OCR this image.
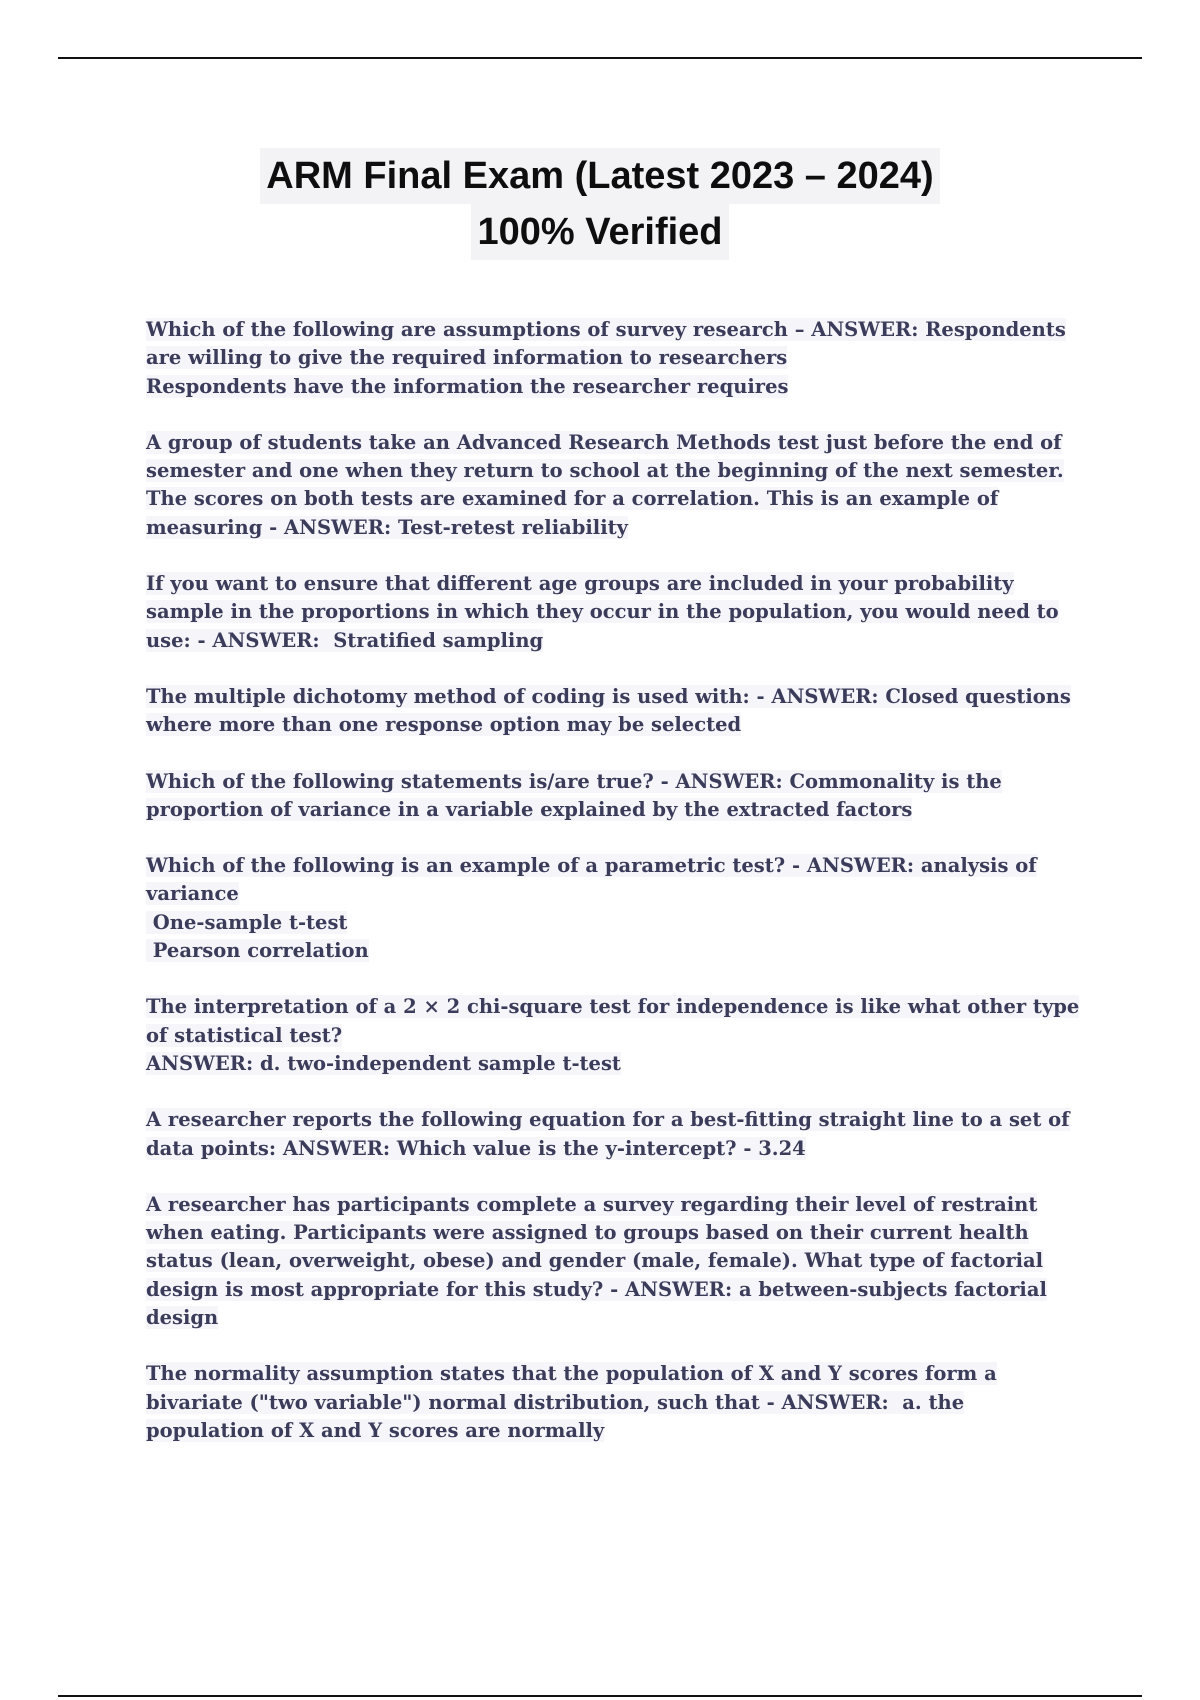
ARM Final Exam (Latest 2023 – 2024)
100% Verified
Which of the following are assumptions of survey research – ANSWER: Respondents
are willing to give the required information to researchers
Respondents have the information the researcher requires
A group of students take an Advanced Research Methods test just before the end of
semester and one when they return to school at the beginning of the next semester.
The scores on both tests are examined for a correlation. This is an example of
measuring - ANSWER: Test-retest reliability
If you want to ensure that different age groups are included in your probability
sample in the proportions in which they occur in the population, you would need to
use: - ANSWER:  Stratified sampling
The multiple dichotomy method of coding is used with: - ANSWER: Closed questions
where more than one response option may be selected
Which of the following statements is/are true? - ANSWER: Commonality is the
proportion of variance in a variable explained by the extracted factors
Which of the following is an example of a parametric test? - ANSWER: analysis of
variance
One-sample t-test
Pearson correlation
The interpretation of a 2 × 2 chi-square test for independence is like what other type
of statistical test?
ANSWER: d. two-independent sample t-test
A researcher reports the following equation for a best-fitting straight line to a set of
data points: ANSWER: Which value is the y-intercept? - 3.24
A researcher has participants complete a survey regarding their level of restraint
when eating. Participants were assigned to groups based on their current health
status (lean, overweight, obese) and gender (male, female). What type of factorial
design is most appropriate for this study? - ANSWER: a between-subjects factorial
design
The normality assumption states that the population of X and Y scores form a
bivariate ("two variable") normal distribution, such that - ANSWER:  a. the
population of X and Y scores are normally
